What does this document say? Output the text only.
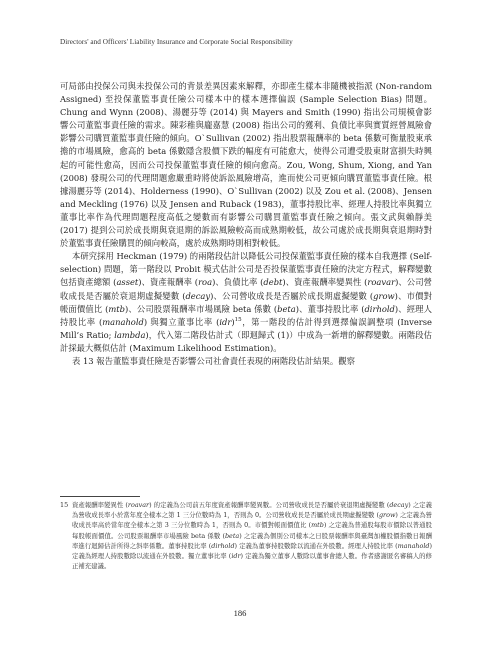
Directors' and Officers' Liability Insurance and Corporate Social Responsibility

可局部由投保公司與未投保公司的背景差異因素來解釋，亦即產生樣本非隨機被指派 (Non-random Assigned) 至投保董監事責任險公司樣本中的樣本選擇偏誤 (Sample Selection Bias) 問題。Chung and Wynn (2008)、湯麗芬等 (2014) 與 Mayers and Smith (1990) 指出公司規模會影響公司董監事責任險的需求。陳彩稚與龐嘉慧 (2008) 指出公司的獲利、負債比率與實質經營風險會影響公司購買董監事責任險的傾向。O`Sullivan (2002) 指出股票報酬率的 beta 係數可衡量股東承擔的市場風險，愈高的 beta 係數隱含股價下跌的幅度有可能愈大，使得公司遭受股東財富損失時興起的可能性愈高，因而公司投保董監事責任險的傾向愈高。Zou, Wong, Shum, Xiong, and Yan (2008) 發現公司的代理問題愈嚴重時將使訴訟風險增高，進而使公司更傾向購買董監事責任險。根據湯麗芬等 (2014)、Holderness (1990)、O`Sullivan (2002) 以及 Zou et al. (2008)、Jensen and Meckling (1976) 以及 Jensen and Ruback (1983)，董事持股比率、經理人持股比率與獨立董事比率作為代理問題程度高低之變數而有影響公司購買董監事責任險之傾向。張文武與賴靜美 (2017) 提到公司於成長期與衰退期的訴訟風險較高而成熟期較低，故公司處於成長期與衰退期時對於董監事責任險購買的傾向較高，處於成熟期時則相對較低。

本研究採用 Heckman (1979) 的兩階段估計以降低公司投保董監事責任險的樣本自我選擇 (Self-selection) 問題，第一階段以 Probit 模式估計公司是否投保董監事責任險的決定方程式，解釋變數包括資產總額 (asset)、資產報酬率 (roa)、負債比率 (debt)、資產報酬率變異性 (roavar)、公司營收成長是否屬於衰退期虛擬變數 (decay)、公司營收成長是否屬於成長期虛擬變數 (grow)、市價對帳面價值比 (mtb)、公司股票報酬率市場風險 beta 係數 (beta)、董事持股比率 (dirhold)、經理人持股比率 (manahold) 與獨立董事比率 (idr)$^{15}$，第一階段的估計得到選擇偏誤調整項 (Inverse Mill’s Ratio; lambda)，代入第二階段估計式（即迴歸式 (1)）中成為一新增的解釋變數。兩階段估計採最大概似估計 (Maximum Likelihood Estimation)。

表 13 報告董監事責任險是否影響公司社會責任表現的兩階段估計結果。觀察

15 資產報酬率變異性 (roavar) 的定義為公司前五年度資產報酬率變異數。公司營收成長是否屬於衰退期虛擬變數 (decay) 之定義為營收成長率小於當年度全樣本之第 1 三分位數時為 1，否則為 0。公司營收成長是否屬於成長期虛擬變數 (grow) 之定義為營收成長率高於當年度全樣本之第 3 三分位數時為 1，否則為 0。市價對帳面價值比 (mtb) 之定義為普通股每股市價除以普通股每股帳面價值。公司股票報酬率市場風險 beta 係數 (beta) 之定義為個別公司樣本之日股票報酬率與臺灣加權股價指數日報酬率進行迴歸估計所得之斜率係數。董事持股比率 (dirhold) 定義為董事持股數除以流通在外股數。經理人持股比率 (manahold) 定義為經理人持股數除以流通在外股數。獨立董事比率 (idr) 定義為獨立董事人數除以董事會總人數。作者感謝匿名審稿人的修正補充建議。
186
